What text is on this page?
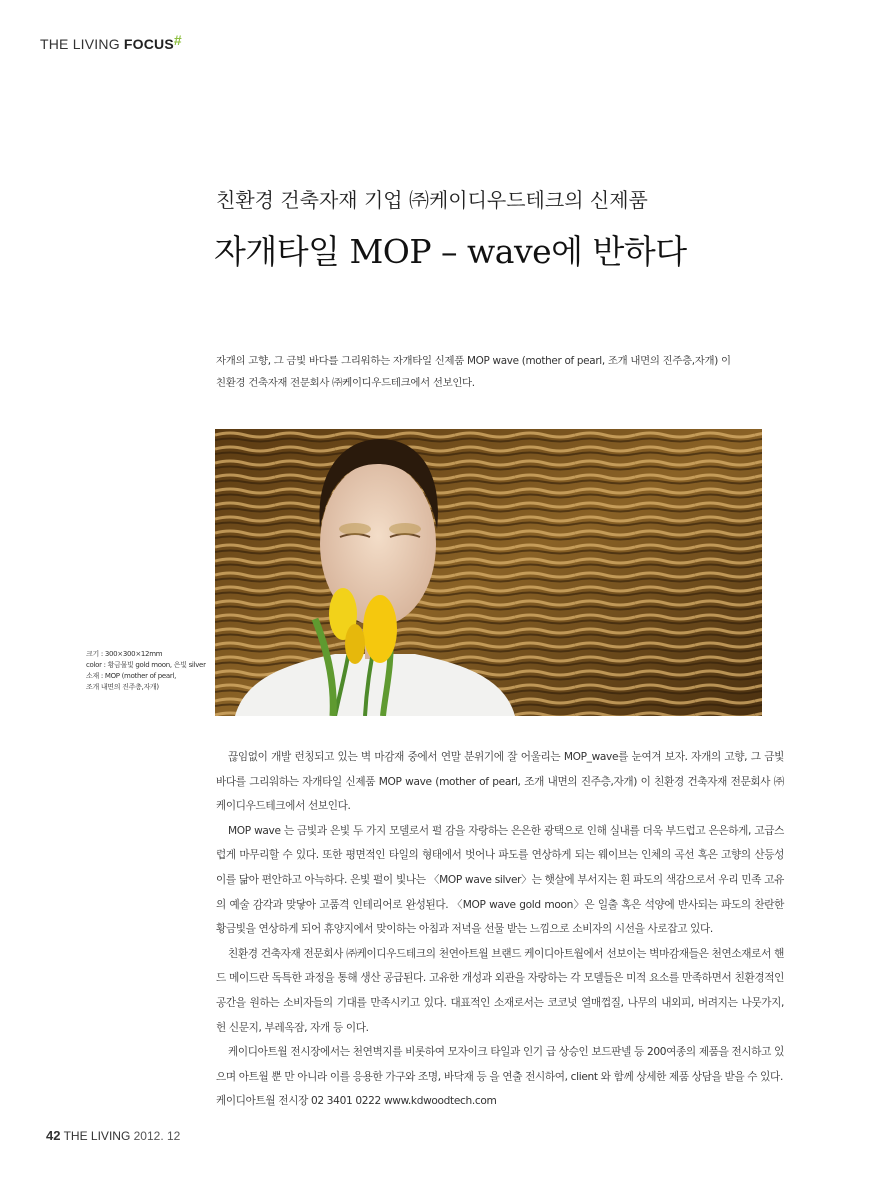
THE LIVING FOCUS#
친환경 건축자재 기업 ㈜케이디우드테크의 신제품
자개타일 MOP – wave에 반하다
자개의 고향, 그 금빛 바다를 그리워하는 자개타일 신제품 MOP wave (mother of pearl, 조개 내면의 진주층,자개) 이 친환경 건축자재 전문회사 ㈜케이디우드테크에서 선보인다.
크기 : 300×300×12mm
color : 황금물빛 gold moon, 은빛 silver
소재 : MOP (mother of pearl,
조개 내면의 진주층,자개)

끊임없이 개발 런칭되고 있는 벽 마감재 중에서 연말 분위기에 잘 어울리는 MOP_wave를 눈여겨 보자. 자개의 고향, 그 금빛 바다를 그리워하는 자개타일 신제품 MOP wave (mother of pearl, 조개 내면의 진주층,자개) 이 친환경 건축자재 전문회사 ㈜케이디우드테크에서 선보인다.

MOP wave 는 금빛과 은빛 두 가지 모델로서 펄 감을 자랑하는 은은한 광택으로 인해 실내를 더욱 부드럽고 은은하게, 고급스럽게 마무리할 수 있다. 또한 평면적인 타일의 형태에서 벗어나 파도를 연상하게 되는 웨이브는 인체의 곡선 혹은 고향의 산등성이를 닮아 편안하고 아늑하다. 은빛 펄이 빛나는 〈MOP wave silver〉는 햇살에 부서지는 흰 파도의 색감으로서 우리 민족 고유의 예술 감각과 맞닿아 고품격 인테리어로 완성된다. 〈MOP wave gold moon〉은 일출 혹은 석양에 반사되는 파도의 찬란한 황금빛을 연상하게 되어 휴양지에서 맞이하는 아침과 저녁을 선물 받는 느낌으로 소비자의 시선을 사로잡고 있다.

친환경 건축자재 전문회사 ㈜케이디우드테크의 천연아트월 브랜드 케이디아트월에서 선보이는 벽마감재들은 천연소재로서 핸드 메이드란 독특한 과정을 통해 생산 공급된다. 고유한 개성과 외관을 자랑하는 각 모델들은 미적 요소를 만족하면서 친환경적인 공간을 원하는 소비자들의 기대를 만족시키고 있다. 대표적인 소재로서는 코코넛 열매껍질, 나무의 내외피, 버려지는 나뭇가지, 헌 신문지, 부레옥잠, 자개 등 이다.

케이디아트월 전시장에서는 천연벽지를 비롯하여 모자이크 타일과 인기 급 상승인 보드판넬 등 200여종의 제품을 전시하고 있으며 아트월 뿐 만 아니라 이를 응용한 가구와 조명, 바닥재 등 을 연출 전시하여, client 와 함께 상세한 제품 상담을 받을 수 있다.

케이디아트월 전시장 02 3401 0222 www.kdwoodtech.com
42 THE LIVING 2012. 12
